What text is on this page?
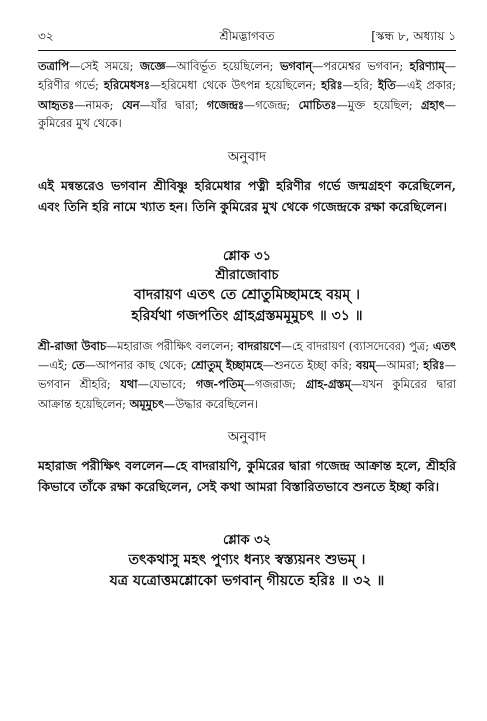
৩২	শ্রীমদ্ভাগবত	[স্কন্ধ ৮, অধ্যায় ১

তত্রাপি—সেই সময়ে; জজ্ঞে—আবির্ভূত হয়েছিলেন; ভগবান্—পরমেশ্বর ভগবান; হরিণ্যাম্—হরিণীর গর্ভে; হরিমেধসঃ—হরিমেধা থেকে উৎপন্ন হয়েছিলেন; হরিঃ—হরি; ইতি—এই প্রকার; আহৃতঃ—নামক; যেন—যাঁর দ্বারা; গজেন্দ্রঃ—গজেন্দ্র; মোচিতঃ—মুক্ত হয়েছিল; গ্রহাৎ—কুমিরের মুখ থেকে।

অনুবাদ

এই মন্বন্তরেও ভগবান শ্রীবিষ্ণু হরিমেধার পত্নী হরিণীর গর্ভে জন্মগ্রহণ করেছিলেন, এবং তিনি হরি নামে খ্যাত হন। তিনি কুমিরের মুখ থেকে গজেন্দ্রকে রক্ষা করেছিলেন।

শ্লোক ৩১

শ্রীরাজোবাচ

বাদরায়ণ এতৎ তে শ্রোতুমিচ্ছামহে বয়ম্ ।

হরির্যথা গজপতিং গ্রাহগ্রস্তমমূমুচৎ ॥ ৩১ ॥

শ্রী-রাজা উবাচ—মহারাজ পরীক্ষিৎ বললেন; বাদরায়ণে—হে বাদরায়ণ (ব্যাসদেবের) পুত্র; এতৎ—এই; তে—আপনার কাছ থেকে; শ্রোতুম্ ইচ্ছামহে—শুনতে ইচ্ছা করি; বয়ম্—আমরা; হরিঃ—ভগবান শ্রীহরি; যথা—যেভাবে; গজ-পতিম্—গজরাজ; গ্রাহ-গ্রস্তম্—যখন কুমিরের দ্বারা আক্রান্ত হয়েছিলেন; অমূমুচৎ—উদ্ধার করেছিলেন।

অনুবাদ

মহারাজ পরীক্ষিৎ বললেন—হে বাদরায়ণি, কুমিরের দ্বারা গজেন্দ্র আক্রান্ত হলে, শ্রীহরি কিভাবে তাঁকে রক্ষা করেছিলেন, সেই কথা আমরা বিস্তারিতভাবে শুনতে ইচ্ছা করি।

শ্লোক ৩২

তৎকথাসু মহৎ পুণ্যং ধন্যং স্বস্ত্যয়নং শুভম্ ।

যত্র যত্রোত্তমশ্লোকো ভগবান্ গীয়তে হরিঃ ॥ ৩২ ॥
